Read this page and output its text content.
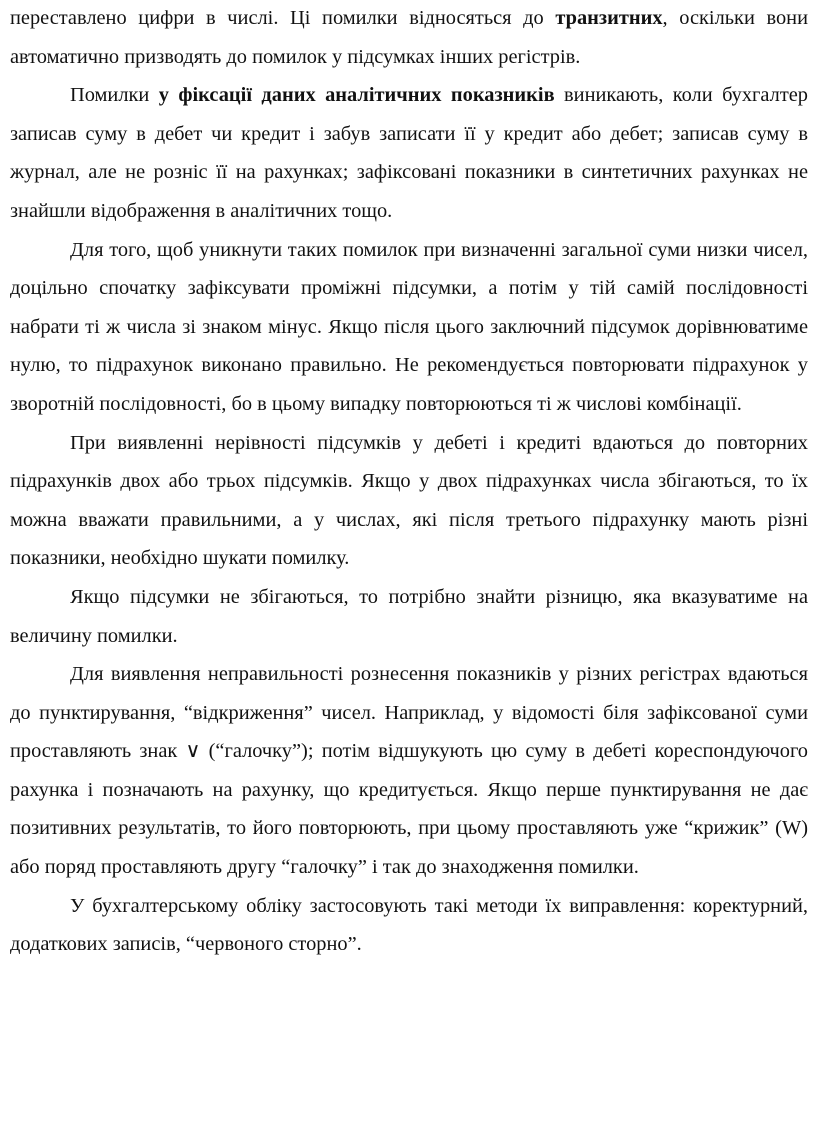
переставлено цифри в числі. Ці помилки відносяться до транзитних, оскільки вони автоматично призводять до помилок у підсумках інших регістрів.

Помилки у фіксації даних аналітичних показників виникають, коли бухгалтер записав суму в дебет чи кредит і забув записати її у кредит або дебет; записав суму в журнал, але не розніс її на рахунках; зафіксовані показники в синтетичних рахунках не знайшли відображення в аналітичних тощо.

Для того, щоб уникнути таких помилок при визначенні загальної суми низки чисел, доцільно спочатку зафіксувати проміжні підсумки, а потім у тій самій послідовності набрати ті ж числа зі знаком мінус. Якщо після цього заключний підсумок дорівнюватиме нулю, то підрахунок виконано правильно. Не рекомендується повторювати підрахунок у зворотній послідовності, бо в цьому випадку повторюються ті ж числові комбінації.

При виявленні нерівності підсумків у дебеті і кредиті вдаються до повторних підрахунків двох або трьох підсумків. Якщо у двох підрахунках числа збігаються, то їх можна вважати правильними, а у числах, які після третього підрахунку мають різні показники, необхідно шукати помилку.

Якщо підсумки не збігаються, то потрібно знайти різницю, яка вказуватиме на величину помилки.

Для виявлення неправильності рознесення показників у різних регістрах вдаються до пунктирування, “відкриження” чисел. Наприклад, у відомості біля зафіксованої суми проставляють знак ∨ (“галочку”); потім відшукують цю суму в дебеті кореспондуючого рахунка і позначають на рахунку, що кредитується. Якщо перше пунктирування не дає позитивних результатів, то його повторюють, при цьому проставляють уже “крижик” (W) або поряд проставляють другу “галочку” і так до знаходження помилки.

У бухгалтерському обліку застосовують такі методи їх виправлення: коректурний, додаткових записів, “червоного сторно”.
